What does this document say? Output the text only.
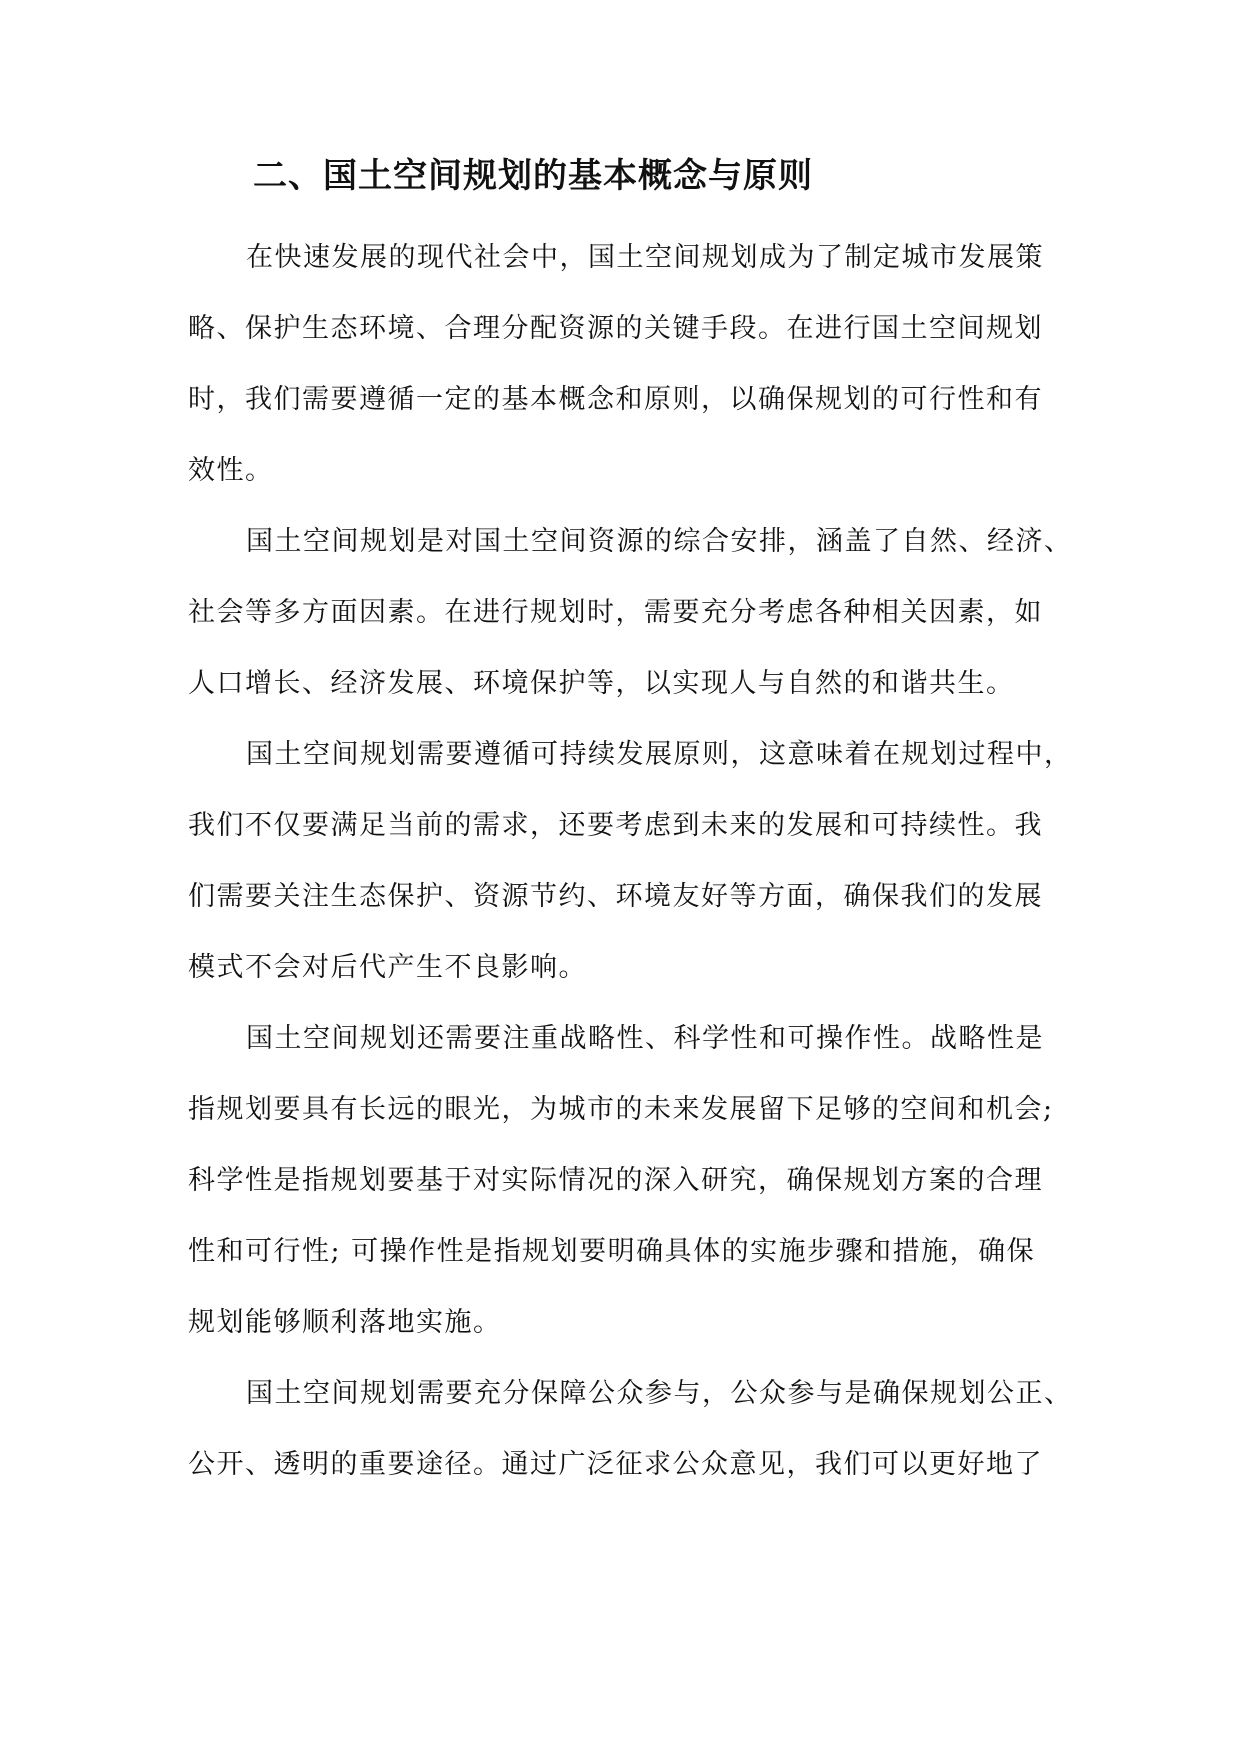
二、国土空间规划的基本概念与原则

在快速发展的现代社会中，国土空间规划成为了制定城市发展策
略、保护生态环境、合理分配资源的关键手段。在进行国土空间规划
时，我们需要遵循一定的基本概念和原则，以确保规划的可行性和有
效性。

国土空间规划是对国土空间资源的综合安排，涵盖了自然、经济、
社会等多方面因素。在进行规划时，需要充分考虑各种相关因素，如
人口增长、经济发展、环境保护等，以实现人与自然的和谐共生。

国土空间规划需要遵循可持续发展原则，这意味着在规划过程中，
我们不仅要满足当前的需求，还要考虑到未来的发展和可持续性。我
们需要关注生态保护、资源节约、环境友好等方面，确保我们的发展
模式不会对后代产生不良影响。

国土空间规划还需要注重战略性、科学性和可操作性。战略性是
指规划要具有长远的眼光，为城市的未来发展留下足够的空间和机会;
科学性是指规划要基于对实际情况的深入研究，确保规划方案的合理
性和可行性; 可操作性是指规划要明确具体的实施步骤和措施，确保
规划能够顺利落地实施。

国土空间规划需要充分保障公众参与，公众参与是确保规划公正、
公开、透明的重要途径。通过广泛征求公众意见，我们可以更好地了
